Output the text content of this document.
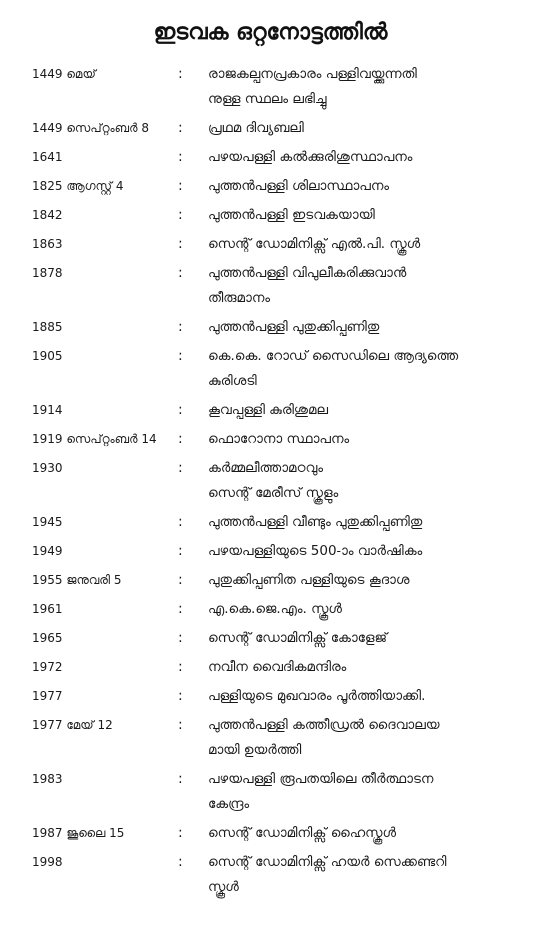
ഇടവക ഒറ്റനോട്ടത്തിൽ
1449 മെയ്	:	രാജകല്പനപ്രകാരം പള്ളിവയ്ക്കുന്നതി
നുള്ള സ്ഥലം ലഭിച്ചു
1449 സെപ്റ്റംബർ 8	:	പ്രഥമ ദിവ്യബലി
1641	:	പഴയപള്ളി കൽക്കുരിശുസ്ഥാപനം
1825 ആഗസ്റ്റ് 4	:	പുത്തൻപള്ളി ശിലാസ്ഥാപനം
1842	:	പുത്തൻപള്ളി ഇടവകയായി
1863	:	സെന്റ് ഡോമിനിക്സ് എൽ.പി. സ്കൂൾ
1878	:	പുത്തൻപള്ളി വിപുലീകരിക്കുവാൻ
തീരുമാനം
1885	:	പുത്തൻപള്ളി പുതുക്കിപ്പണിതു
1905	:	കെ.കെ. റോഡ് സൈഡിലെ ആദ്യത്തെ
കുരിശടി
1914	:	കൂവപ്പള്ളി കുരിശുമല
1919 സെപ്റ്റംബർ 14	:	ഫൊറോനാ സ്ഥാപനം
1930	:	കർമ്മലീത്താമഠവും
സെന്റ് മേരീസ് സ്കൂളും
1945	:	പുത്തൻപള്ളി വീണ്ടും പുതുക്കിപ്പണിതു
1949	:	പഴയപള്ളിയുടെ 500-ാം വാർഷികം
1955 ജനുവരി 5	:	പുതുക്കിപ്പണിത പള്ളിയുടെ കൂദാശ
1961	:	എ.കെ.ജെ.എം. സ്കൂൾ
1965	:	സെന്റ് ഡോമിനിക്സ് കോളേജ്
1972	:	നവീന വൈദികമന്ദിരം
1977	:	പള്ളിയുടെ മുഖവാരം പൂർത്തിയാക്കി.
1977 മേയ് 12	:	പുത്തൻപള്ളി കത്തീഡ്രൽ ദൈവാലയ
മായി ഉയർത്തി
1983	:	പഴയപള്ളി രൂപതയിലെ തീർത്ഥാടന
കേന്ദ്രം
1987 ജൂലൈ 15	:	സെന്റ് ഡോമിനിക്സ് ഹൈസ്കൂൾ
1998	:	സെന്റ് ഡോമിനിക്സ് ഹയർ സെക്കണ്ടറി
സ്കൂൾ
